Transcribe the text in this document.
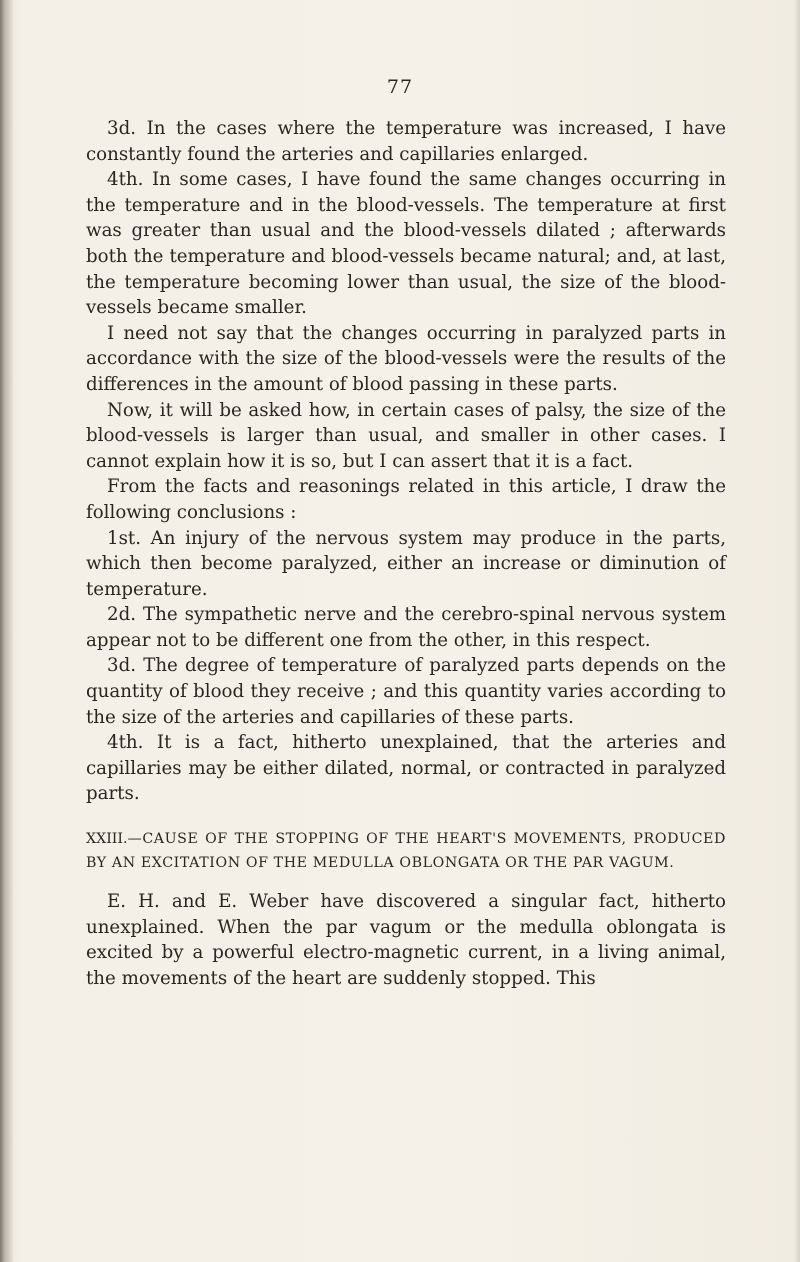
77

3d. In the cases where the temperature was increased, I have constantly found the arteries and capillaries enlarged.

4th. In some cases, I have found the same changes occurring in the temperature and in the blood-vessels. The temperature at first was greater than usual and the blood-vessels dilated ; afterwards both the temperature and blood-vessels became natural; and, at last, the temperature becoming lower than usual, the size of the blood-vessels became smaller.

I need not say that the changes occurring in paralyzed parts in accordance with the size of the blood-vessels were the results of the differences in the amount of blood passing in these parts.

Now, it will be asked how, in certain cases of palsy, the size of the blood-vessels is larger than usual, and smaller in other cases. I cannot explain how it is so, but I can assert that it is a fact.

From the facts and reasonings related in this article, I draw the following conclusions :

1st. An injury of the nervous system may produce in the parts, which then become paralyzed, either an increase or diminution of temperature.

2d. The sympathetic nerve and the cerebro-spinal nervous system appear not to be different one from the other, in this respect.

3d. The degree of temperature of paralyzed parts depends on the quantity of blood they receive ; and this quantity varies according to the size of the arteries and capillaries of these parts.

4th. It is a fact, hitherto unexplained, that the arteries and capillaries may be either dilated, normal, or contracted in paralyzed parts.

XXIII.—CAUSE OF THE STOPPING OF THE HEART'S MOVEMENTS, PRODUCED BY AN EXCITATION OF THE MEDULLA OBLONGATA OR THE PAR VAGUM.

E. H. and E. Weber have discovered a singular fact, hitherto unexplained. When the par vagum or the medulla oblongata is excited by a powerful electro-magnetic current, in a living animal, the movements of the heart are suddenly stopped. This
